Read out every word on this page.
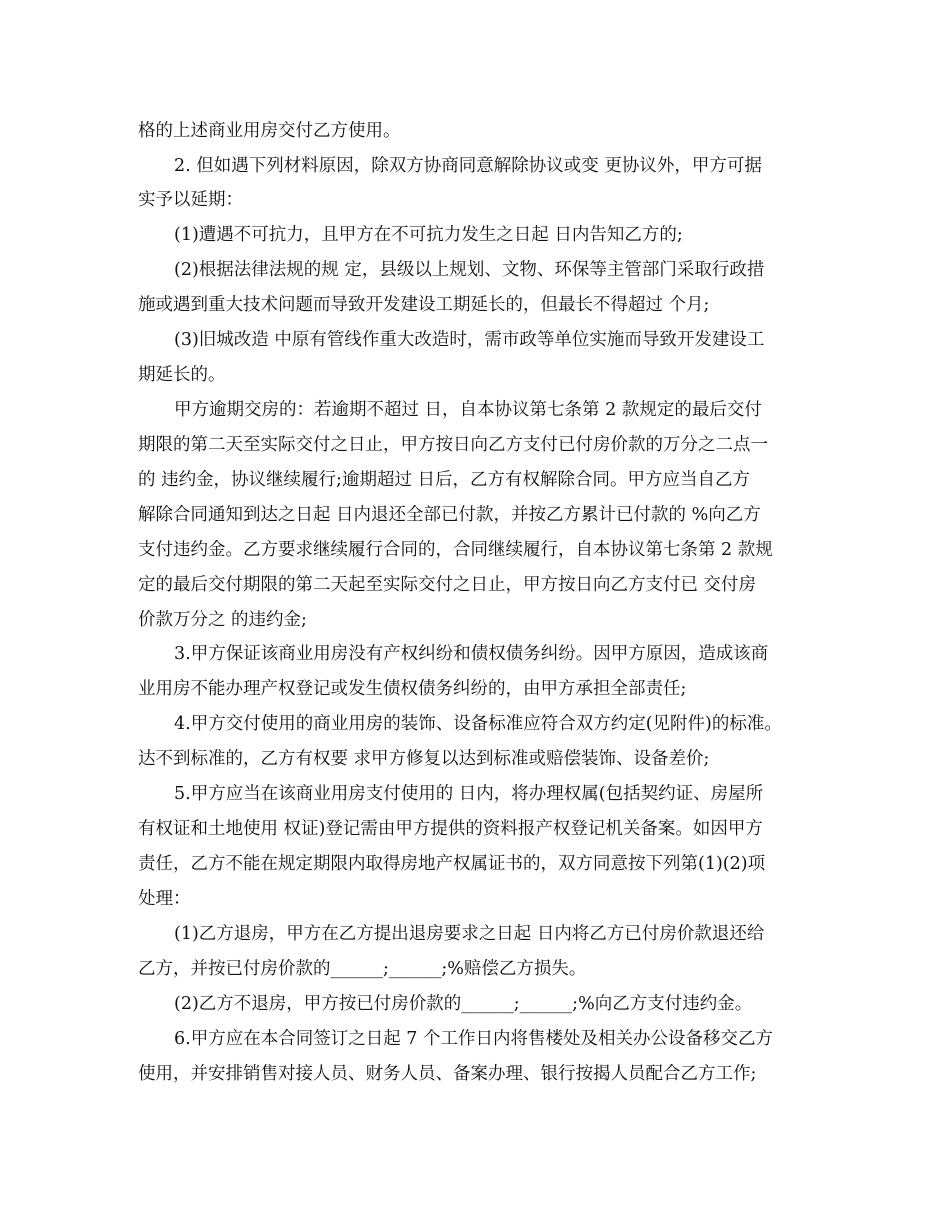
格的上述商业用房交付乙方使用。
2. 但如遇下列材料原因，除双方协商同意解除协议或变 更协议外，甲方可据
实予以延期：
(1)遭遇不可抗力，且甲方在不可抗力发生之日起 日内告知乙方的;
(2)根据法律法规的规 定，县级以上规划、文物、环保等主管部门采取行政措
施或遇到重大技术问题而导致开发建设工期延长的，但最长不得超过 个月;
(3)旧城改造 中原有管线作重大改造时，需市政等单位实施而导致开发建设工
期延长的。
甲方逾期交房的：若逾期不超过 日，自本协议第七条第 2 款规定的最后交付
期限的第二天至实际交付之日止，甲方按日向乙方支付已付房价款的万分之二点一
的 违约金，协议继续履行;逾期超过 日后，乙方有权解除合同。甲方应当自乙方
解除合同通知到达之日起 日内退还全部已付款，并按乙方累计已付款的 %向乙方
支付违约金。乙方要求继续履行合同的，合同继续履行，自本协议第七条第 2 款规
定的最后交付期限的第二天起至实际交付之日止，甲方按日向乙方支付已 交付房
价款万分之 的违约金;
3.甲方保证该商业用房没有产权纠纷和债权债务纠纷。因甲方原因，造成该商
业用房不能办理产权登记或发生债权债务纠纷的，由甲方承担全部责任;
4.甲方交付使用的商业用房的装饰、设备标准应符合双方约定(见附件)的标准。
达不到标准的，乙方有权要 求甲方修复以达到标准或赔偿装饰、设备差价;
5.甲方应当在该商业用房支付使用的 日内，将办理权属(包括契约证、房屋所
有权证和土地使用 权证)登记需由甲方提供的资料报产权登记机关备案。如因甲方
责任，乙方不能在规定期限内取得房地产权属证书的，双方同意按下列第(1)(2)项
处理：
(1)乙方退房，甲方在乙方提出退房要求之日起 日内将乙方已付房价款退还给
乙方，并按已付房价款的______;______;%赔偿乙方损失。
(2)乙方不退房，甲方按已付房价款的______;______;%向乙方支付违约金。
6.甲方应在本合同签订之日起 7 个工作日内将售楼处及相关办公设备移交乙方
使用，并安排销售对接人员、财务人员、备案办理、银行按揭人员配合乙方工作;
